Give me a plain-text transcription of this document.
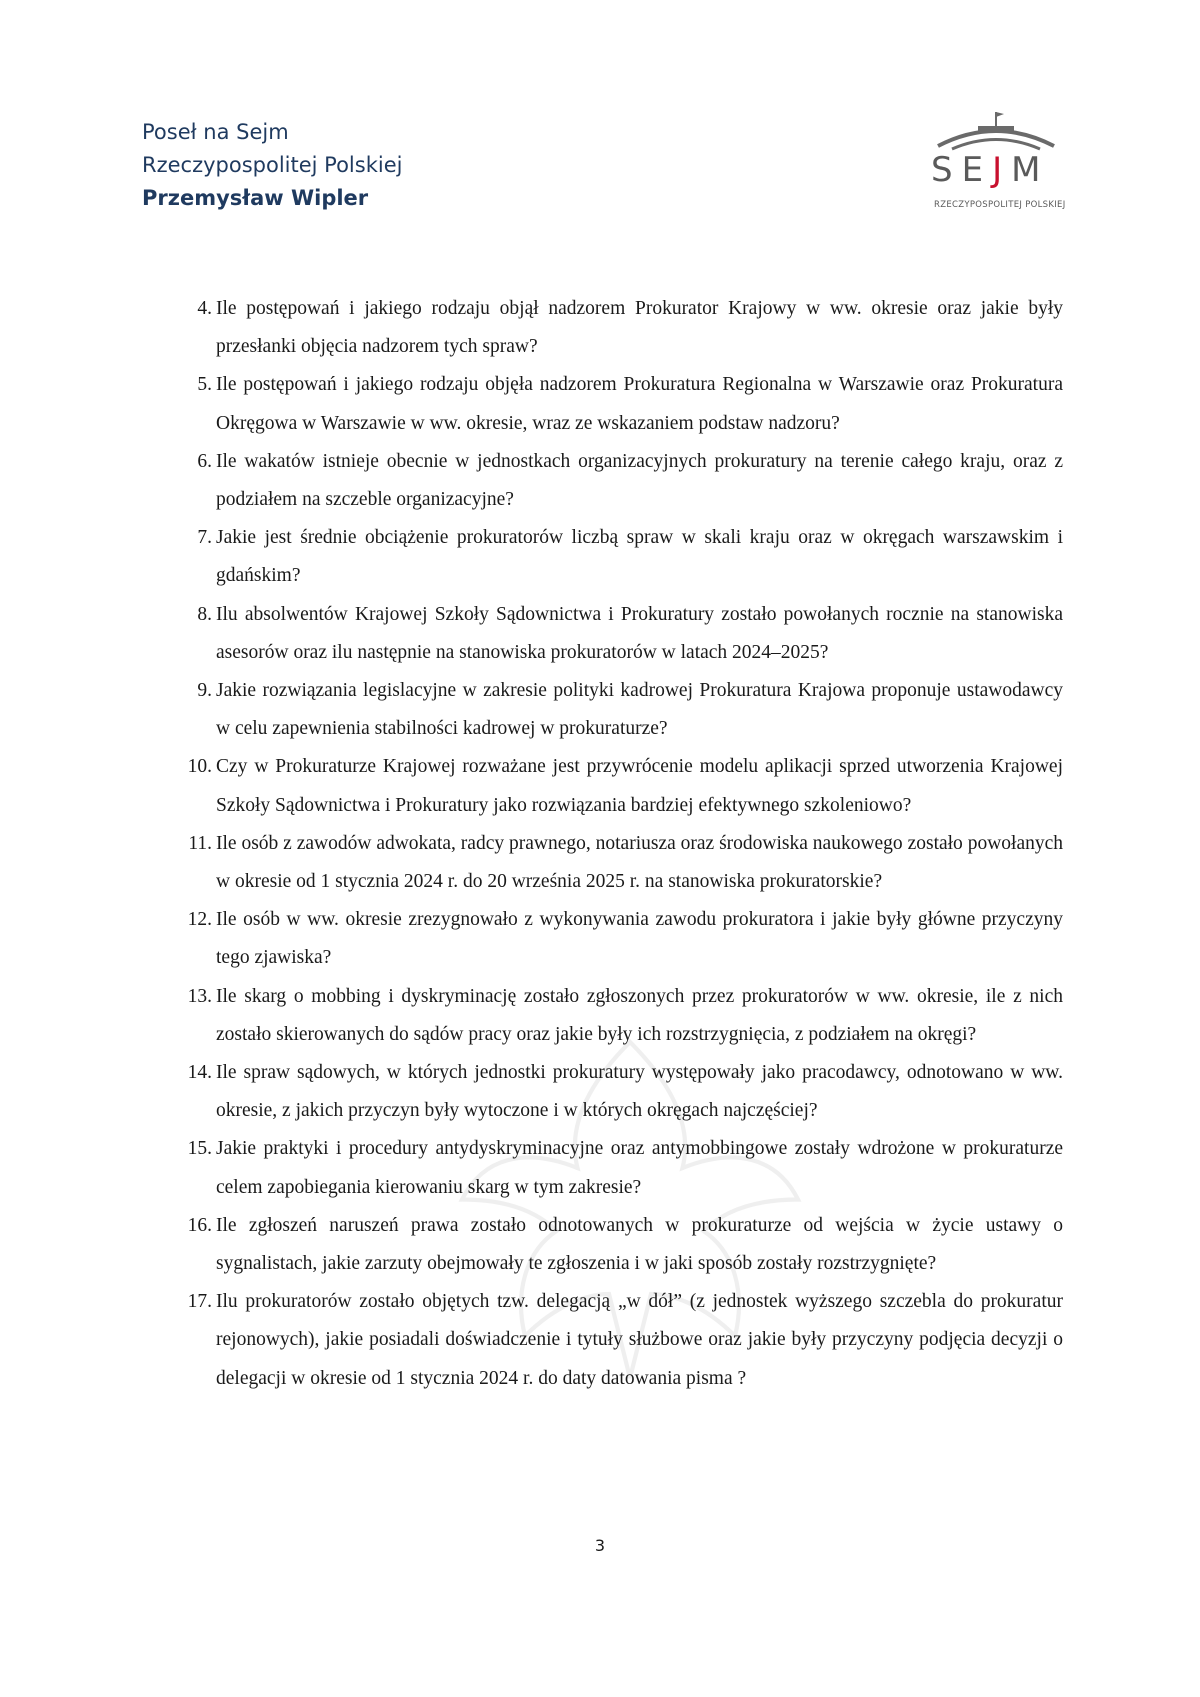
Poseł na Sejm
Rzeczypospolitej Polskiej
Przemysław Wipler
SEJM
RZECZYPOSPOLITEJ POLSKIEJ
4. Ile postępowań i jakiego rodzaju objął nadzorem Prokurator Krajowy w ww. okresie oraz jakie były przesłanki objęcia nadzorem tych spraw?
5. Ile postępowań i jakiego rodzaju objęła nadzorem Prokuratura Regionalna w Warszawie oraz Prokuratura Okręgowa w Warszawie w ww. okresie, wraz ze wskazaniem podstaw nadzoru?
6. Ile wakatów istnieje obecnie w jednostkach organizacyjnych prokuratury na terenie całego kraju, oraz z podziałem na szczeble organizacyjne?
7. Jakie jest średnie obciążenie prokuratorów liczbą spraw w skali kraju oraz w okręgach warszawskim i gdańskim?
8. Ilu absolwentów Krajowej Szkoły Sądownictwa i Prokuratury zostało powołanych rocznie na stanowiska asesorów oraz ilu następnie na stanowiska prokuratorów w latach 2024–2025?
9. Jakie rozwiązania legislacyjne w zakresie polityki kadrowej Prokuratura Krajowa proponuje ustawodawcy w celu zapewnienia stabilności kadrowej w prokuraturze?
10. Czy w Prokuraturze Krajowej rozważane jest przywrócenie modelu aplikacji sprzed utworzenia Krajowej Szkoły Sądownictwa i Prokuratury jako rozwiązania bardziej efektywnego szkoleniowo?
11. Ile osób z zawodów adwokata, radcy prawnego, notariusza oraz środowiska naukowego zostało powołanych w okresie od 1 stycznia 2024 r. do 20 września 2025 r. na stanowiska prokuratorskie?
12. Ile osób w ww. okresie zrezygnowało z wykonywania zawodu prokuratora i jakie były główne przyczyny tego zjawiska?
13. Ile skarg o mobbing i dyskryminację zostało zgłoszonych przez prokuratorów w ww. okresie, ile z nich zostało skierowanych do sądów pracy oraz jakie były ich rozstrzygnięcia, z podziałem na okręgi?
14. Ile spraw sądowych, w których jednostki prokuratury występowały jako pracodawcy, odnotowano w ww. okresie, z jakich przyczyn były wytoczone i w których okręgach najczęściej?
15. Jakie praktyki i procedury antydyskryminacyjne oraz antymobbingowe zostały wdrożone w prokuraturze celem zapobiegania kierowaniu skarg w tym zakresie?
16. Ile zgłoszeń naruszeń prawa zostało odnotowanych w prokuraturze od wejścia w życie ustawy o sygnalistach, jakie zarzuty obejmowały te zgłoszenia i w jaki sposób zostały rozstrzygnięte?
17. Ilu prokuratorów zostało objętych tzw. delegacją „w dół” (z jednostek wyższego szczebla do prokuratur rejonowych), jakie posiadali doświadczenie i tytuły służbowe oraz jakie były przyczyny podjęcia decyzji o delegacji w okresie od 1 stycznia 2024 r. do daty datowania pisma ?
3
